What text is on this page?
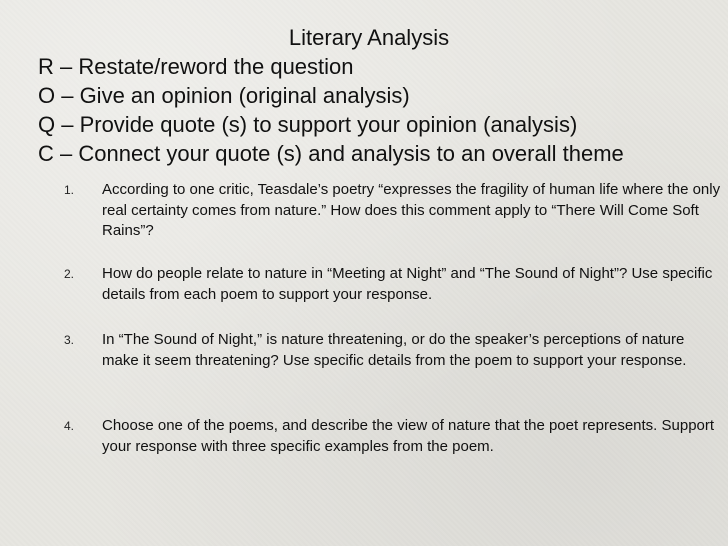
Literary Analysis
R – Restate/reword the question
O – Give an opinion (original analysis)
Q – Provide quote (s) to support your opinion (analysis)
C – Connect your quote (s) and analysis to an overall theme
1. According to one critic, Teasdale’s poetry “expresses the fragility of human life where the only real certainty comes from nature.” How does this comment apply to “There Will Come Soft Rains”?
2. How do people relate to nature in “Meeting at Night” and “The Sound of Night”? Use specific details from each poem to support your response.
3. In “The Sound of Night,” is nature threatening, or do the speaker’s perceptions of nature make it seem threatening? Use specific details from the poem to support your response.
4. Choose one of the poems, and describe the view of nature that the poet represents. Support your response with three specific examples from the poem.
